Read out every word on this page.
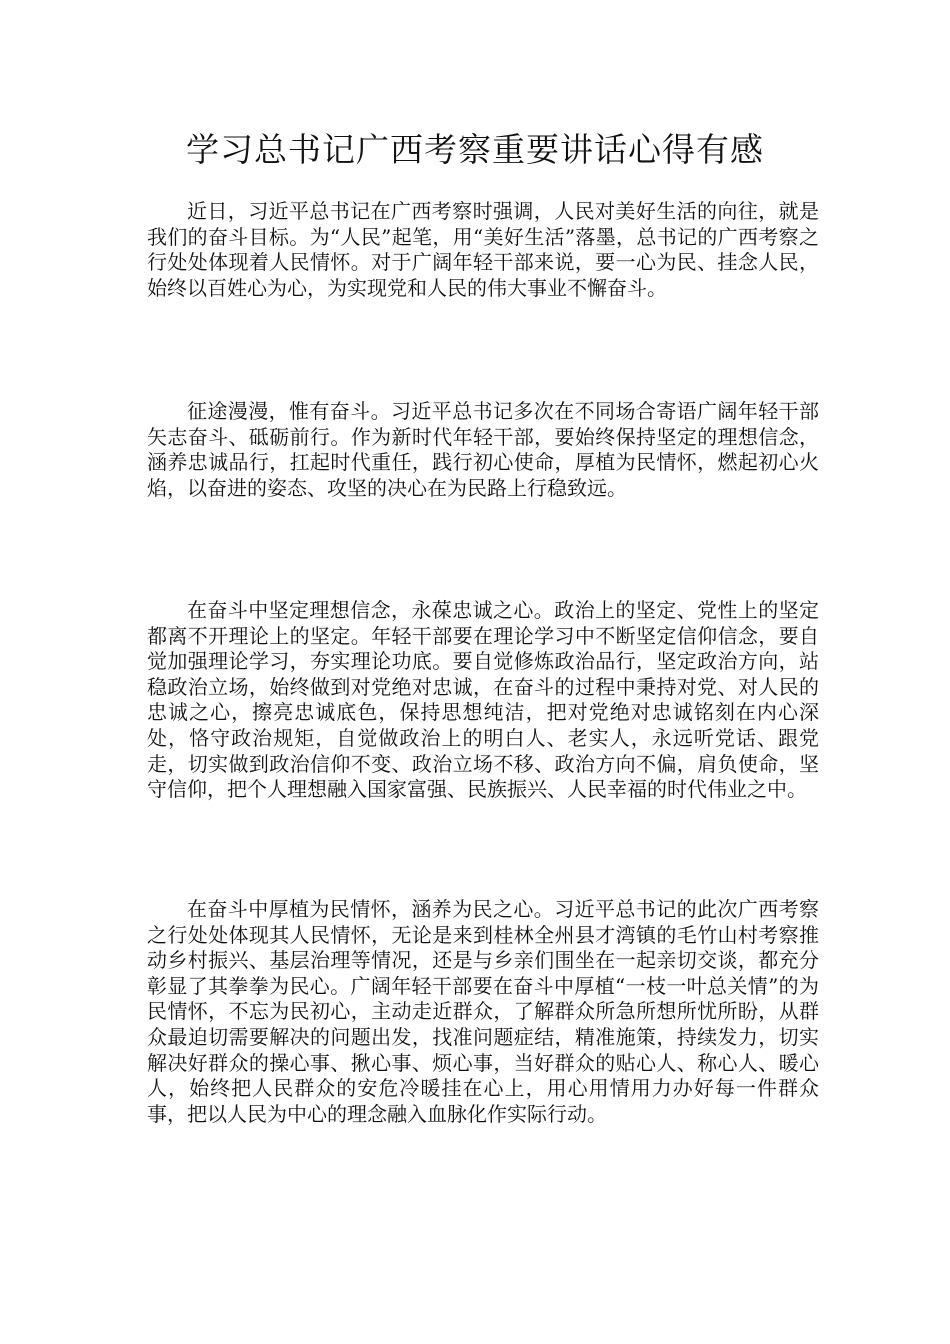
学习总书记广西考察重要讲话心得有感

近日，习近平总书记在广西考察时强调，人民对美好生活的向往，就是我们的奋斗目标。为“人民”起笔，用“美好生活”落墨，总书记的广西考察之行处处体现着人民情怀。对于广阔年轻干部来说，要一心为民、挂念人民，始终以百姓心为心，为实现党和人民的伟大事业不懈奋斗。

征途漫漫，惟有奋斗。习近平总书记多次在不同场合寄语广阔年轻干部矢志奋斗、砥砺前行。作为新时代年轻干部，要始终保持坚定的理想信念，涵养忠诚品行，扛起时代重任，践行初心使命，厚植为民情怀，燃起初心火焰，以奋进的姿态、攻坚的决心在为民路上行稳致远。

在奋斗中坚定理想信念，永葆忠诚之心。政治上的坚定、党性上的坚定都离不开理论上的坚定。年轻干部要在理论学习中不断坚定信仰信念，要自觉加强理论学习，夯实理论功底。要自觉修炼政治品行，坚定政治方向，站稳政治立场，始终做到对党绝对忠诚，在奋斗的过程中秉持对党、对人民的忠诚之心，擦亮忠诚底色，保持思想纯洁，把对党绝对忠诚铭刻在内心深处，恪守政治规矩，自觉做政治上的明白人、老实人，永远听党话、跟党走，切实做到政治信仰不变、政治立场不移、政治方向不偏，肩负使命，坚守信仰，把个人理想融入国家富强、民族振兴、人民幸福的时代伟业之中。

在奋斗中厚植为民情怀，涵养为民之心。习近平总书记的此次广西考察之行处处体现其人民情怀，无论是来到桂林全州县才湾镇的毛竹山村考察推动乡村振兴、基层治理等情况，还是与乡亲们围坐在一起亲切交谈，都充分彰显了其拳拳为民心。广阔年轻干部要在奋斗中厚植“一枝一叶总关情”的为民情怀，不忘为民初心，主动走近群众，了解群众所急所想所忧所盼，从群众最迫切需要解决的问题出发，找准问题症结，精准施策，持续发力，切实解决好群众的操心事、揪心事、烦心事，当好群众的贴心人、称心人、暖心人，始终把人民群众的安危冷暖挂在心上，用心用情用力办好每一件群众事，把以人民为中心的理念融入血脉化作实际行动。
